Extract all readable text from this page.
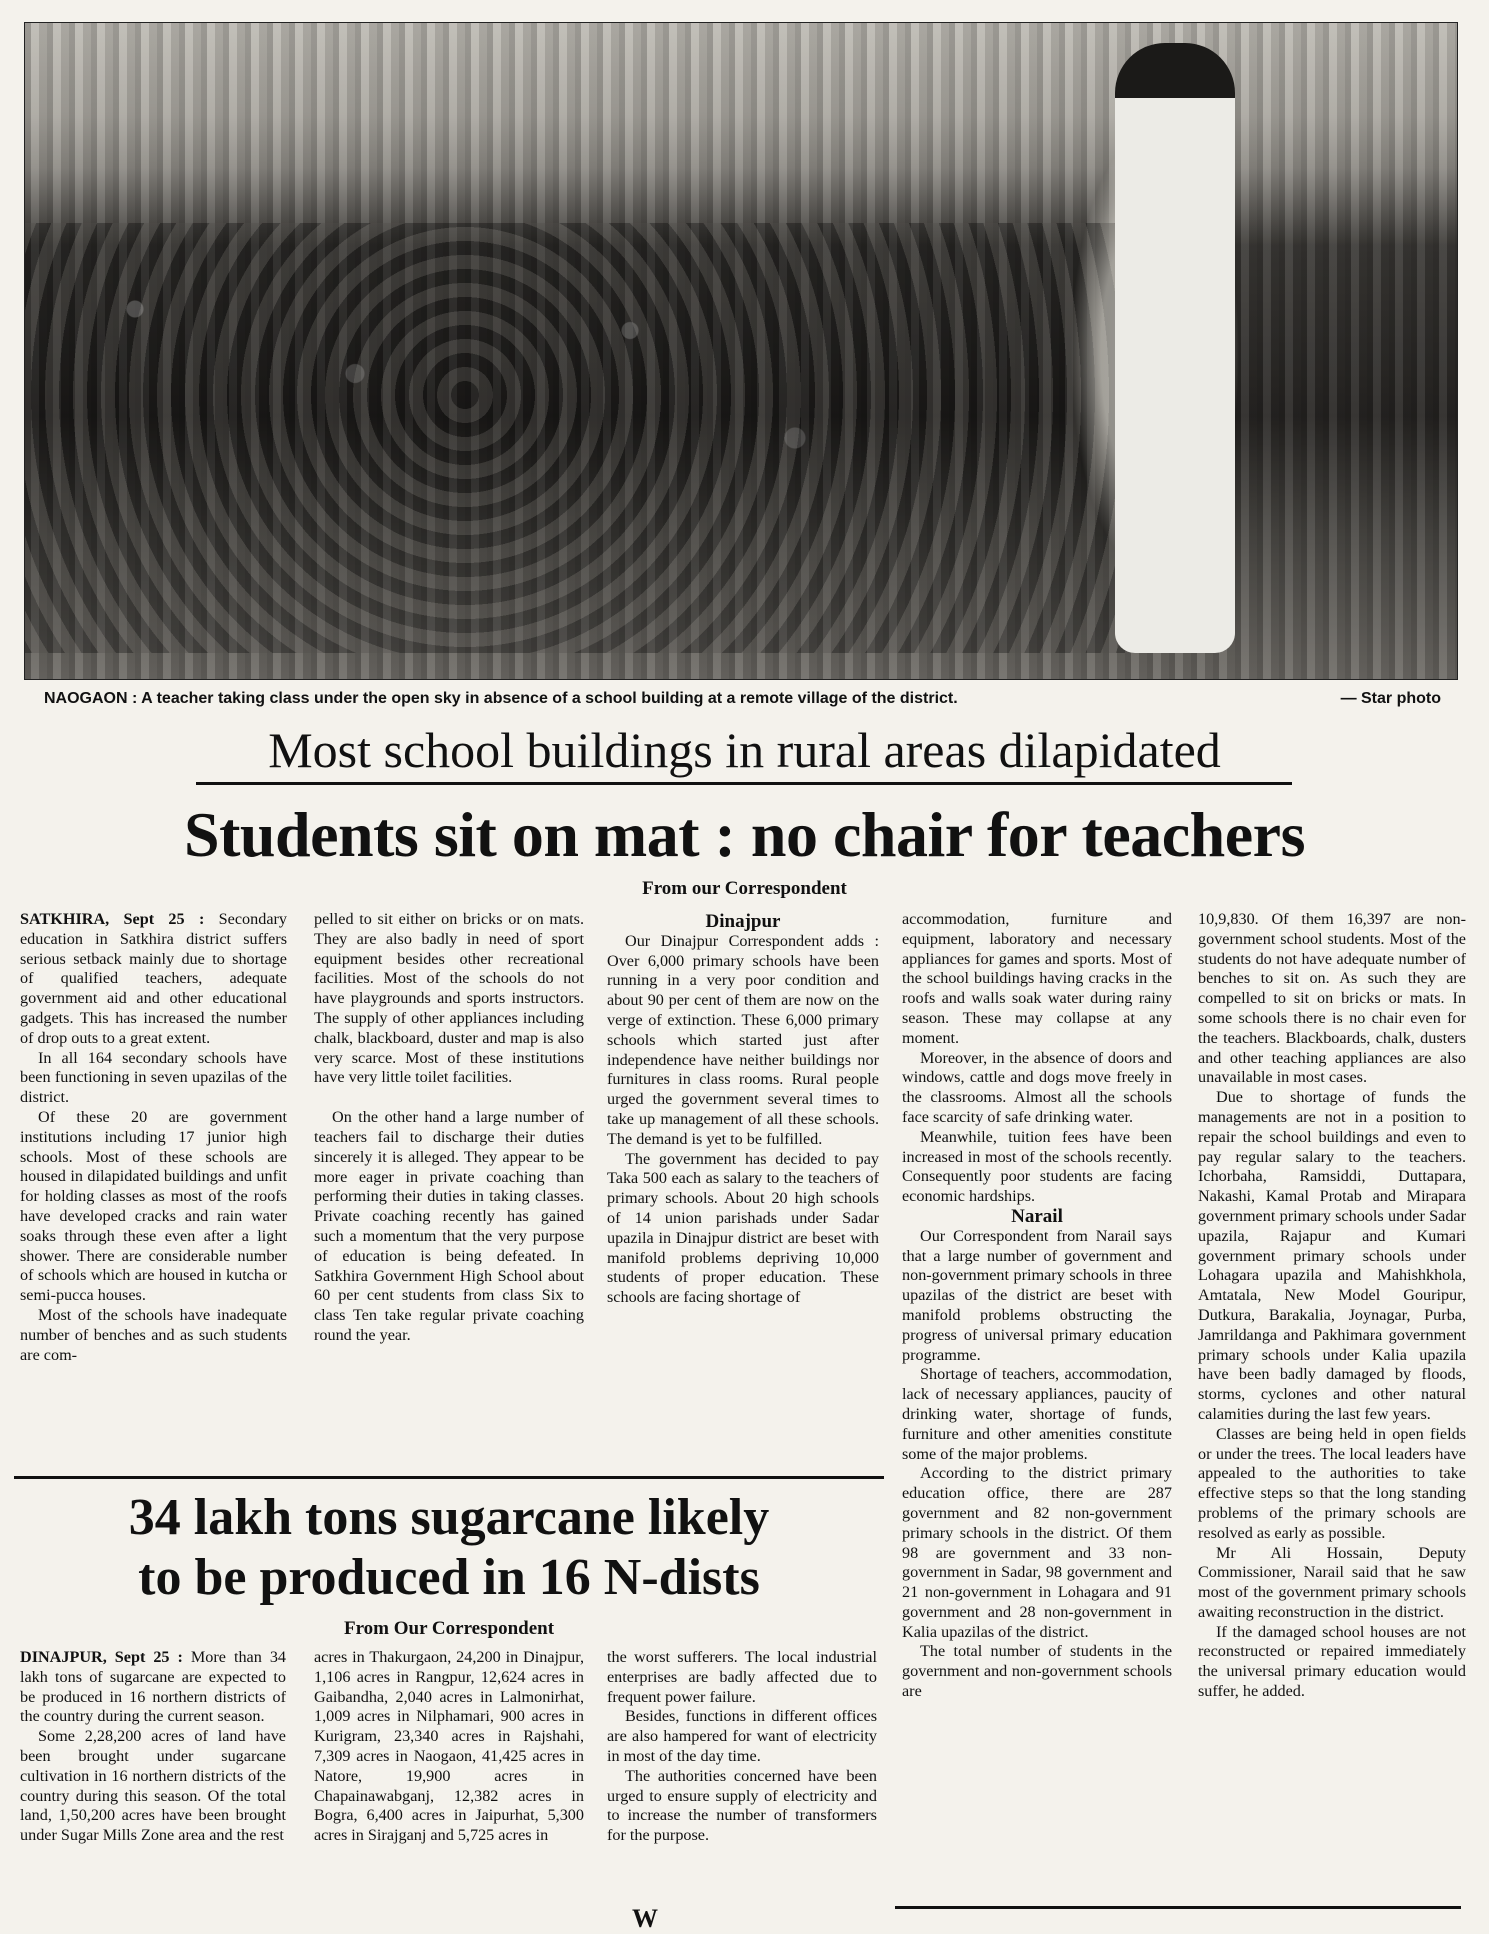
NAOGAON : A teacher taking class under the open sky in absence of a school building at a remote village of the district.	— Star photo
Most school buildings in rural areas dilapidated
Students sit on mat : no chair for teachers
From our Correspondent

SATKHIRA, Sept 25 : Secondary education in Satkhira district suffers serious setback mainly due to shortage of qualified teachers, adequate government aid and other educational gadgets. This has increased the number of drop outs to a great extent.

In all 164 secondary schools have been functioning in seven upazilas of the district.

Of these 20 are government institutions including 17 junior high schools. Most of these schools are housed in dilapidated buildings and unfit for holding classes as most of the roofs have developed cracks and rain water soaks through these even after a light shower. There are considerable number of schools which are housed in kutcha or semi-pucca houses.

Most of the schools have inadequate number of benches and as such students are com-

pelled to sit either on bricks or on mats. They are also badly in need of sport equipment besides other recreational facilities. Most of the schools do not have playgrounds and sports instructors. The supply of other appliances including chalk, blackboard, duster and map is also very scarce. Most of these institutions have very little toilet facilities.

On the other hand a large number of teachers fail to discharge their duties sincerely it is alleged. They appear to be more eager in private coaching than performing their duties in taking classes. Private coaching recently has gained such a momentum that the very purpose of education is being defeated. In Satkhira Government High School about 60 per cent students from class Six to class Ten take regular private coaching round the year.

Dinajpur

Our Dinajpur Correspondent adds : Over 6,000 primary schools have been running in a very poor condition and about 90 per cent of them are now on the verge of extinction. These 6,000 primary schools which started just after independence have neither buildings nor furnitures in class rooms. Rural people urged the government several times to take up management of all these schools. The demand is yet to be fulfilled.

The government has decided to pay Taka 500 each as salary to the teachers of primary schools. About 20 high schools of 14 union parishads under Sadar upazila in Dinajpur district are beset with manifold problems depriving 10,000 students of proper education. These schools are facing shortage of

accommodation, furniture and equipment, laboratory and necessary appliances for games and sports. Most of the school buildings having cracks in the roofs and walls soak water during rainy season. These may collapse at any moment.

Moreover, in the absence of doors and windows, cattle and dogs move freely in the classrooms. Almost all the schools face scarcity of safe drinking water.

Meanwhile, tuition fees have been increased in most of the schools recently. Consequently poor students are facing economic hardships.

Narail

Our Correspondent from Narail says that a large number of government and non-government primary schools in three upazilas of the district are beset with manifold problems obstructing the progress of universal primary education programme.

Shortage of teachers, accommodation, lack of necessary appliances, paucity of drinking water, shortage of funds, furniture and other amenities constitute some of the major problems.

According to the district primary education office, there are 287 government and 82 non-government primary schools in the district. Of them 98 are government and 33 non-government in Sadar, 98 government and 21 non-government in Lohagara and 91 government and 28 non-government in Kalia upazilas of the district.

The total number of students in the government and non-government schools are

10,9,830. Of them 16,397 are non-government school students. Most of the students do not have adequate number of benches to sit on. As such they are compelled to sit on bricks or mats. In some schools there is no chair even for the teachers. Blackboards, chalk, dusters and other teaching appliances are also unavailable in most cases.

Due to shortage of funds the managements are not in a position to repair the school buildings and even to pay regular salary to the teachers. Ichorbaha, Ramsiddi, Duttapara, Nakashi, Kamal Protab and Mirapara government primary schools under Sadar upazila, Rajapur and Kumari government primary schools under Lohagara upazila and Mahishkhola, Amtatala, New Model Gouripur, Dutkura, Barakalia, Joynagar, Purba, Jamrildanga and Pakhimara government primary schools under Kalia upazila have been badly damaged by floods, storms, cyclones and other natural calamities during the last few years.

Classes are being held in open fields or under the trees. The local leaders have appealed to the authorities to take effective steps so that the long standing problems of the primary schools are resolved as early as possible.

Mr Ali Hossain, Deputy Commissioner, Narail said that he saw most of the government primary schools awaiting reconstruction in the district.

If the damaged school houses are not reconstructed or repaired immediately the universal primary education would suffer, he added.

34 lakh tons sugarcane likely
to be produced in 16 N-dists
From Our Correspondent

DINAJPUR, Sept 25 : More than 34 lakh tons of sugarcane are expected to be produced in 16 northern districts of the country during the current season.

Some 2,28,200 acres of land have been brought under sugarcane cultivation in 16 northern districts of the country during this season. Of the total land, 1,50,200 acres have been brought under Sugar Mills Zone area and the rest

acres in Thakurgaon, 24,200 in Dinajpur, 1,106 acres in Rangpur, 12,624 acres in Gaibandha, 2,040 acres in Lalmonirhat, 1,009 acres in Nilphamari, 900 acres in Kurigram, 23,340 acres in Rajshahi, 7,309 acres in Naogaon, 41,425 acres in Natore, 19,900 acres in Chapainawabganj, 12,382 acres in Bogra, 6,400 acres in Jaipurhat, 5,300 acres in Sirajganj and 5,725 acres in

the worst sufferers. The local industrial enterprises are badly affected due to frequent power failure.

Besides, functions in different offices are also hampered for want of electricity in most of the day time.

The authorities concerned have been urged to ensure supply of electricity and to increase the number of transformers for the purpose.

W
